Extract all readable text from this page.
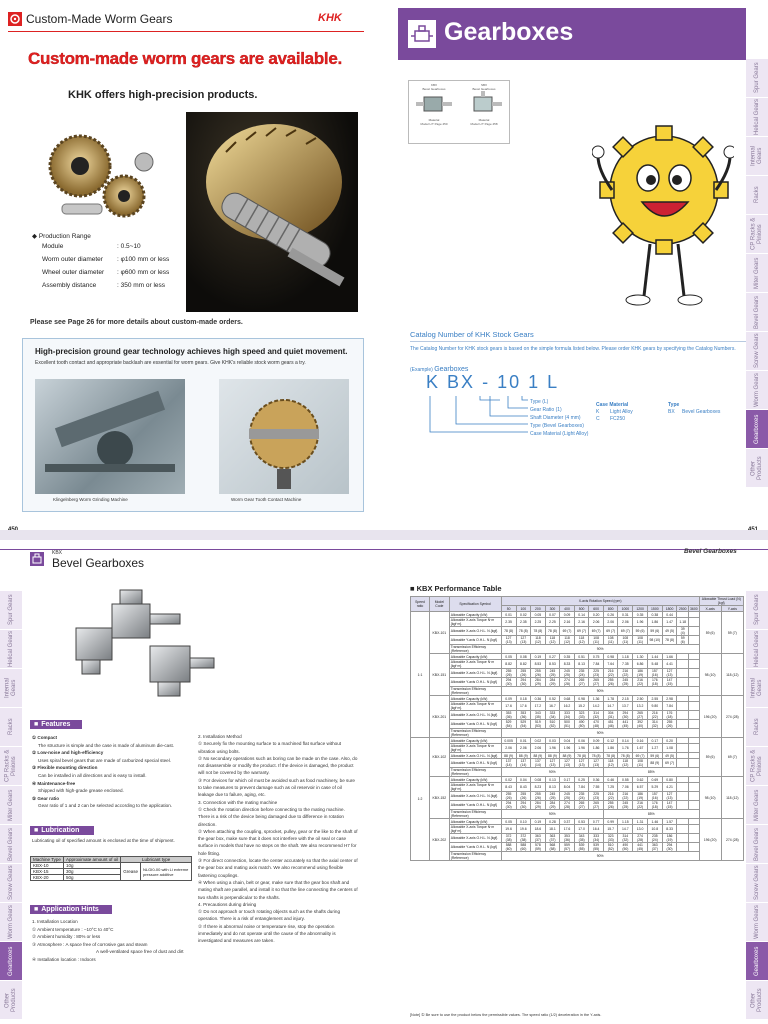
Custom-Made Worm Gears	KHK
Custom-made worm gears are available.
KHK offers high-precision products.
◆ Production Range
Module	: 0.5~10
Worm outer diameter : φ100 mm or less
Wheel outer diameter : φ600 mm or less
Assembly distance	: 350 mm or less
Please see Page 26 for more details about custom-made orders.
High-precision ground gear technology achieves high speed and quiet movement.
Excellent tooth contact and appropriate backlash are essential for worm gears. Give KHK's reliable stock worm gears a try.
Klingelnberg Worm Grinding Machine	Worm Gear Tooth Contact Machine
Gearboxes
KBX
Bevel Gearboxes
Material
Model L/T Page 450
SBX
Bevel Gearboxes
Material
Model L/T Page 458
Catalog Number of KHK Stock Gears
The Catalog Number for KHK stock gears is based on the simple formula listed below. Please order KHK gears by specifying the Catalog Numbers.
(Example) Gearboxes
K BX - 10 1 L
Type (L)
Gear Ratio (1)
Shaft Diameter (4 mm)
Type (Bevel Gearboxes)
Case Material (Light Alloy)
Case Material
K Light Alloy
C FC250
Type
BX Bevel Gearboxes
Spur Gears
Helical Gears
Internal Gears
Racks
CP Racks & Pinions
Miter Gears
Bevel Gears
Screw Gears
Worm Gears
Gearboxes
Other Products
KBX
Bevel Gearboxes
■ Features
① Compact
The structure is simple and the case is made of aluminum die-cast.
② Low-noise and high-efficiency
Uses spiral bevel gears that are made of carburized special steel.
③ Flexible mounting direction
Can be installed in all directions and is easy to install.
④ Maintenance-free
Shipped with high-grade grease enclosed.
⑤ Gear ratio
Gear ratio of 1 and 2 can be selected according to the application.
■ Lubrication
Lubricating oil of specified amount is enclosed at the time of shipment.
Machine Type	Approximate amount of oil	Lubricant type	
KBX-10	10g	Grease	NLGI0-00 with Li extreme pressure additive
KBX-15	30g		
KBX-20	50g		
■ Application Hints
1. Installation Location
① Ambient temperature : −10°C to 40°C
② Ambient humidity : 80% or less
③ Atmosphere : A space free of corrosive gas and steam
A well-ventilated space free of dust and dirt
④ Installation location : Indoors
2. Installation Method
① Securely fix the mounting surface to a machined flat surface without vibration using bolts.
② No secondary operations such as boring can be made on the case. Also, do not disassemble or modify the product. If the device is damaged, the product will not be covered by the warranty.
③ For devices for which oil must be avoided such as food machinery, be sure to take measures to prevent damage such as oil reservoir in case of oil leakage due to failure, aging, etc.
3. Connection with the mating machine
① Check the rotation direction before connecting to the mating machine. There is a risk of the device being damaged due to difference in rotation direction.
② When attaching the coupling, sprocket, pulley, gear or the like to the shaft of the gear box, make sure that it does not interfere with the oil seal or case surface in models that have no steps on the shaft. We also recommend H7 for hole fitting.
③ For direct connection, locate the center accurately so that the axial center of the gear box and mating axis match. We also recommend using flexible fastening couplings.
④ When using a chain, belt or gear, make sure that the gear box shaft and mating shaft are parallel, and install it so that the line connecting the centers of two shafts is perpendicular to the shafts.
4. Precautions during driving
① Do not approach or touch rotating objects such as the shafts during operation. There is a risk of entanglement and injury.
② If there is abnormal noise or temperature rise, stop the operation immediately and do not operate until the cause of the abnormality is investigated and measures are taken.
Spur Gears
Helical Gears
Internal Gears
Racks
CP Racks & Pinions
Miter Gears
Bevel Gears
Screw Gears
Worm Gears
Gearboxes
Other Products
Bevel Gearboxes
■ KBX Performance Table
Speed ratio	Model Code	Specification Symbol	X-axis Rotation Speed (rpm)														Allowable Thrust Load (N) {kgf}	
			50	100	200	300	400	500	600	800	1000	1200	1500	1800	2500	3600	X-axis	Y-axis
1:1	KBX-101	Allowable Capacity (kW)	0.01	0.02	0.05	0.07	0.09	0.14	0.20	0.26	0.31	0.35	0.38	0.44			59 (6)	59 (7)
		Allowable X-axis Torque N·m {kgf·m}	2.35	2.35	2.25	2.25	2.16	2.16	2.06	2.06	2.06	1.96	1.86	1.47	1.18			
		Allowable X-axis O.H.L. N {kgf}	78 (8)	78 (8)	78 (8)	78 (8)	69 (7)	69 (7)	69 (7)	69 (7)	69 (7)	59 (6)	59 (6)	49 (5)	39 (4)			
		Allowable Y-axis O.H.L. N {kgf}	127 (13)	127 (13)	118 (12)	118 (12)	118 (12)	118 (12)	108 (11)	108 (11)	108 (11)	108 (11)	98 (10)	78 (8)	59 (6)			
		Transmission Efficiency (Reference)	90%															
	KBX-151	Allowable Capacity (kW)	0.05	0.08	0.19	0.27	0.35	0.51	0.75	0.98	1.18	1.30	1.44	1.66			98 (10)	118 (12)
		Allowable X-axis Torque N·m {kgf·m}	8.82	8.82	8.53	8.53	8.33	8.13	7.84	7.64	7.35	6.86	5.48	4.41				
		Allowable X-axis O.H.L. N {kgf}	255 (26)	255 (26)	255 (26)	245 (25)	245 (25)	235 (24)	225 (23)	216 (22)	216 (22)	186 (19)	157 (16)	127 (13)				
		Allowable Y-axis O.H.L. N {kgf}	294 (30)	294 (30)	284 (29)	284 (29)	274 (28)	265 (27)	265 (27)	255 (26)	245 (25)	216 (22)	176 (18)	147 (15)				
		Transmission Efficiency (Reference)	90%															
	KBX-201	Allowable Capacity (kW)	0.09	0.18	0.36	0.52	0.68	0.98	1.36	1.78	2.15	2.50	2.55	2.98			196 (20)	274 (28)
		Allowable X-axis Torque N·m {kgf·m}	17.6	17.6	17.2	16.7	16.2	15.2	14.2	14.7	13.7	13.2	9.80	7.84				
		Allowable X-axis O.H.L. N {kgf}	353 (36)	353 (36)	343 (35)	333 (34)	333 (34)	323 (33)	314 (32)	304 (31)	294 (30)	265 (27)	216 (22)	176 (18)				
		Allowable Y-axis O.H.L. N {kgf}	529 (54)	529 (54)	519 (53)	510 (52)	500 (51)	490 (50)	470 (48)	451 (46)	441 (45)	392 (40)	314 (32)	255 (26)				
		Transmission Efficiency (Reference)	90%															
1:2	KBX-102	Allowable Capacity (kW)	0.005	0.01	0.02	0.03	0.04	0.06	0.09	0.12	0.14	0.16	0.17	0.20			59 (6)	69 (7)
		Allowable X-axis Torque N·m {kgf·m}	2.06	2.06	2.06	1.96	1.96	1.96	1.86	1.86	1.76	1.67	1.27	1.08				
		Allowable X-axis O.H.L. N {kgf}	88 (9)	88 (9)	88 (9)	88 (9)	88 (9)	78 (8)	78 (8)	78 (8)	78 (8)	69 (7)	59 (6)	49 (5)				
		Allowable Y-axis O.H.L. N {kgf}	137 (14)	137 (14)	137 (14)	127 (13)	127 (13)	127 (13)	127 (13)	118 (12)	118 (12)	108 (11)	88 (9)	69 (7)				
		Transmission Efficiency (Reference)	90%							85%								
	KBX-152	Allowable Capacity (kW)	0.02	0.04	0.08	0.13	0.17	0.25	0.36	0.46	0.55	0.62	0.69	0.80			98 (10)	118 (12)
		Allowable X-axis Torque N·m {kgf·m}	8.43	8.43	8.23	8.13	8.04	7.84	7.55	7.25	7.06	6.57	5.29	4.21				
		Allowable X-axis O.H.L. N {kgf}	255 (26)	255 (26)	255 (26)	245 (25)	245 (25)	235 (24)	225 (23)	216 (22)	216 (22)	186 (19)	157 (16)	127 (13)				
		Allowable Y-axis O.H.L. N {kgf}	294 (30)	294 (30)	284 (29)	284 (29)	274 (28)	265 (27)	265 (27)	255 (26)	245 (25)	216 (22)	176 (18)	147 (15)				
		Transmission Efficiency (Reference)	90%							85%								
	KBX-202	Allowable Capacity (kW)	0.05	0.10	0.19	0.28	0.37	0.53	0.77	0.99	1.15	1.31	1.46	1.57			196 (20)	274 (28)
		Allowable X-axis Torque N·m {kgf·m}	19.6	19.6	18.6	18.1	17.6	17.0	16.4	15.7	14.7	13.0	10.8	8.33				
		Allowable X-axis O.H.L. N {kgf}	372 (38)	372 (38)	363 (37)	363 (37)	353 (36)	343 (35)	333 (34)	323 (33)	314 (32)	274 (28)	235 (24)	186 (19)				
		Allowable Y-axis O.H.L. N {kgf}	588 (60)	588 (60)	578 (59)	568 (58)	559 (57)	539 (55)	539 (55)	510 (52)	490 (50)	441 (45)	363 (37)	294 (30)				
		Transmission Efficiency (Reference)	90%															
[Note] ① Be sure to use the product below the permissible values. The speed ratio (1/2) deceleration in the Y-axis.
Spur Gears
Helical Gears
Internal Gears
Racks
CP Racks & Pinions
Miter Gears
Bevel Gears
Screw Gears
Worm Gears
Gearboxes
Other Products
